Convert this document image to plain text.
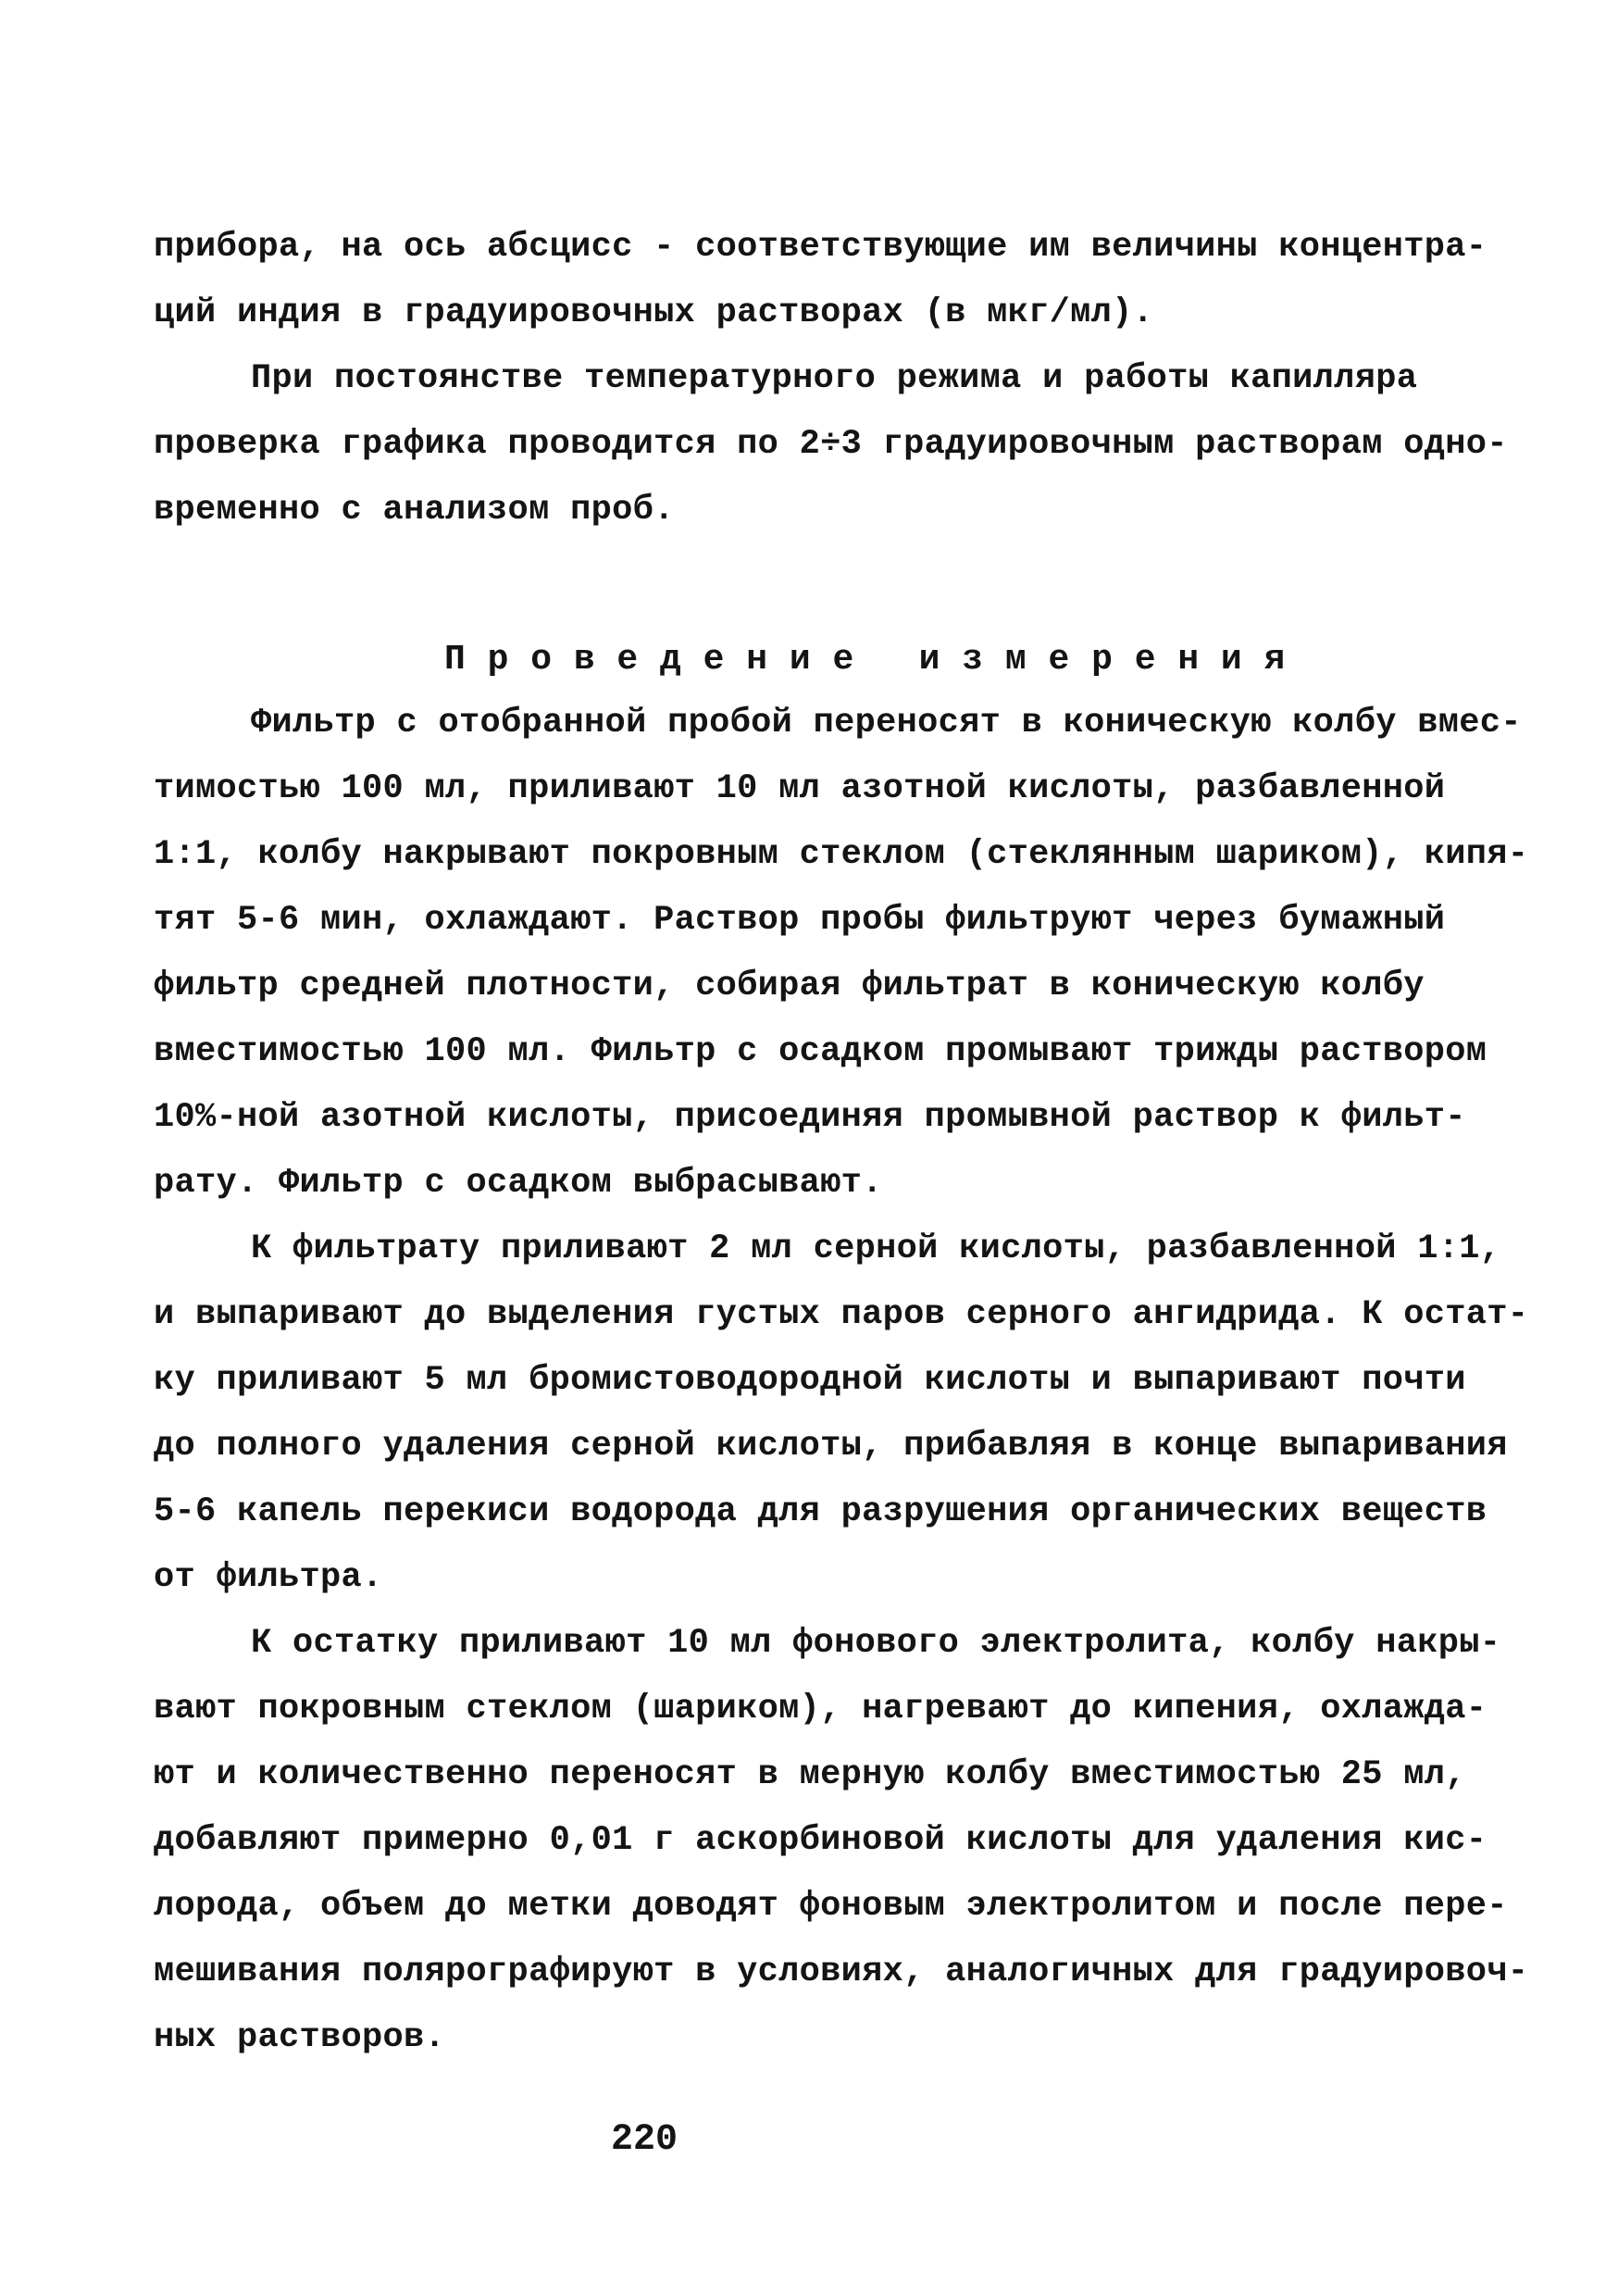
прибора, на ось абсцисс - соответствующие им величины концентра-
ций индия в градуировочных растворах (в мкг/мл).
При постоянстве температурного режима и работы капилляра
проверка графика проводится по 2÷3 градуировочным растворам одно-
временно с анализом проб.
П р о в е д е н и е   и з м е р е н и я
Фильтр с отобранной пробой переносят в коническую колбу вмес-
тимостью 100 мл, приливают 10 мл азотной кислоты, разбавленной
1:1, колбу накрывают покровным стеклом (стеклянным шариком), кипя-
тят 5-6 мин, охлаждают. Раствор пробы фильтруют через бумажный
фильтр средней плотности, собирая фильтрат в коническую колбу
вместимостью 100 мл. Фильтр с осадком промывают трижды раствором
10%-ной азотной кислоты, присоединяя промывной раствор к фильт-
рату. Фильтр с осадком выбрасывают.
К фильтрату приливают 2 мл серной кислоты, разбавленной 1:1,
и выпаривают до выделения густых паров серного ангидрида. К остат-
ку приливают 5 мл бромистоводородной кислоты и выпаривают почти
до полного удаления серной кислоты, прибавляя в конце выпаривания
5-6 капель перекиси водорода для разрушения органических веществ
от фильтра.
К остатку приливают 10 мл фонового электролита, колбу накры-
вают покровным стеклом (шариком), нагревают до кипения, охлажда-
ют и количественно переносят в мерную колбу вместимостью 25 мл,
добавляют примерно 0,01 г аскорбиновой кислоты для удаления кис-
лорода, объем до метки доводят фоновым электролитом и после пере-
мешивания полярографируют в условиях, аналогичных для градуировоч-
ных растворов.
220
